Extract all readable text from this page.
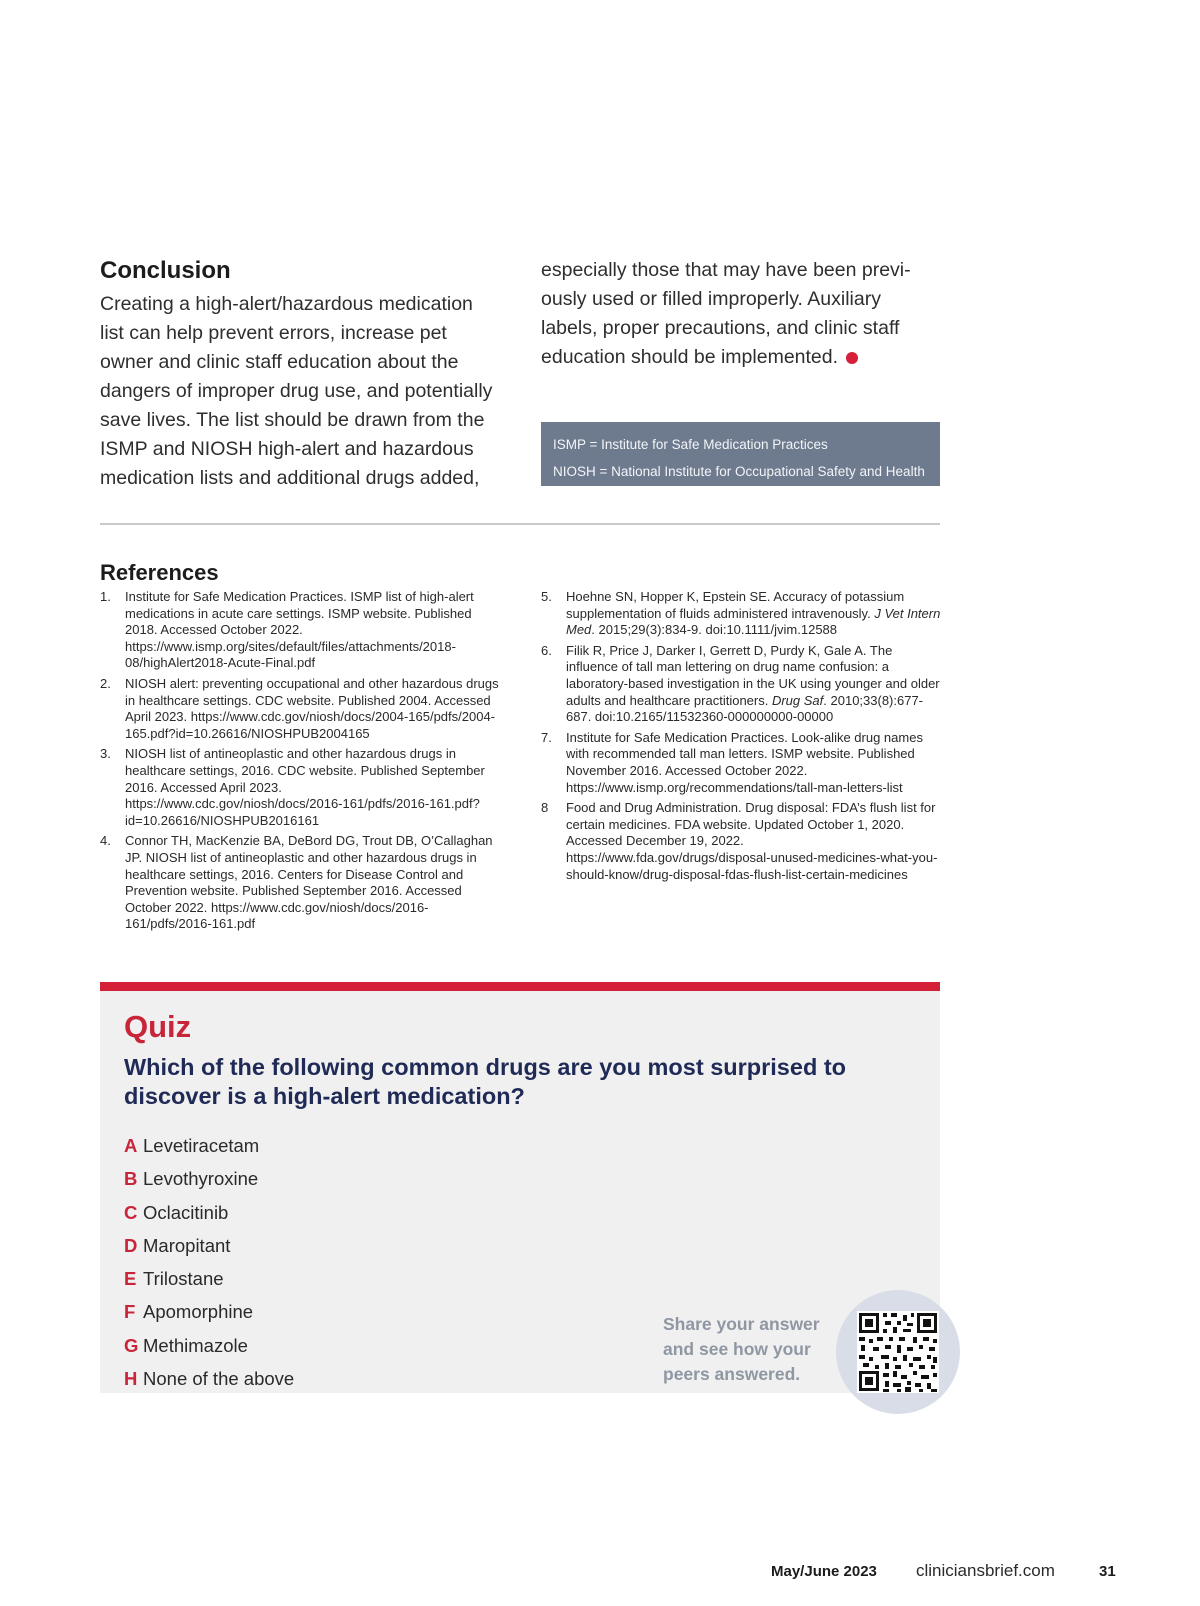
Conclusion

Creating a high-alert/hazardous medication list can help prevent errors, increase pet owner and clinic staff education about the dangers of improper drug use, and potentially save lives. The list should be drawn from the ISMP and NIOSH high-alert and hazardous medication lists and additional drugs added,

especially those that may have been previ- ously used or filled improperly. Auxiliary labels, proper precautions, and clinic staff education should be implemented.

ISMP = Institute for Safe Medication Practices
NIOSH = National Institute for Occupational Safety and Health
References
1.	Institute for Safe Medication Practices. ISMP list of high-alert medications in acute care settings. ISMP website. Published 2018. Accessed October 2022. https://www.ismp.org/sites/default/files/attachments/2018-08/highAlert2018-Acute-Final.pdf
2.	NIOSH alert: preventing occupational and other hazardous drugs in healthcare settings. CDC website. Published 2004. Accessed April 2023. https://www.cdc.gov/niosh/docs/2004-165/pdfs/2004-165.pdf?id=10.26616/NIOSHPUB2004165
3.	NIOSH list of antineoplastic and other hazardous drugs in healthcare settings, 2016. CDC website. Published September 2016. Accessed April 2023. https://www.cdc.gov/niosh/docs/2016-161/pdfs/2016-161.pdf?id=10.26616/NIOSHPUB2016161
4.	Connor TH, MacKenzie BA, DeBord DG, Trout DB, O’Callaghan JP. NIOSH list of antineoplastic and other hazardous drugs in healthcare settings, 2016. Centers for Disease Control and Prevention website. Published September 2016. Accessed October 2022. https://www.cdc.gov/niosh/docs/2016-161/pdfs/2016-161.pdf
5.	Hoehne SN, Hopper K, Epstein SE. Accuracy of potassium supplementation of fluids administered intravenously. J Vet Intern Med. 2015;29(3):834-9. doi:10.1111/jvim.12588
6.	Filik R, Price J, Darker I, Gerrett D, Purdy K, Gale A. The influence of tall man lettering on drug name confusion: a laboratory-based investigation in the UK using younger and older adults and healthcare practitioners. Drug Saf. 2010;33(8):677-687. doi:10.2165/11532360-000000000-00000
7.	Institute for Safe Medication Practices. Look-alike drug names with recommended tall man letters. ISMP website. Published November 2016. Accessed October 2022. https://www.ismp.org/recommendations/tall-man-letters-list
8	Food and Drug Administration. Drug disposal: FDA’s flush list for certain medicines. FDA website. Updated October 1, 2020. Accessed December 19, 2022. https://www.fda.gov/drugs/disposal-unused-medicines-what-you-should-know/drug-disposal-fdas-flush-list-certain-medicines
Quiz

Which of the following common drugs are you most surprised to discover is a high-alert medication?

A Levetiracetam
B Levothyroxine
C Oclacitinib
D Maropitant
E Trilostane
F Apomorphine
G Methimazole
H None of the above

Share your answer and see how your peers answered.

May/June 2023 cliniciansbrief.com	31
